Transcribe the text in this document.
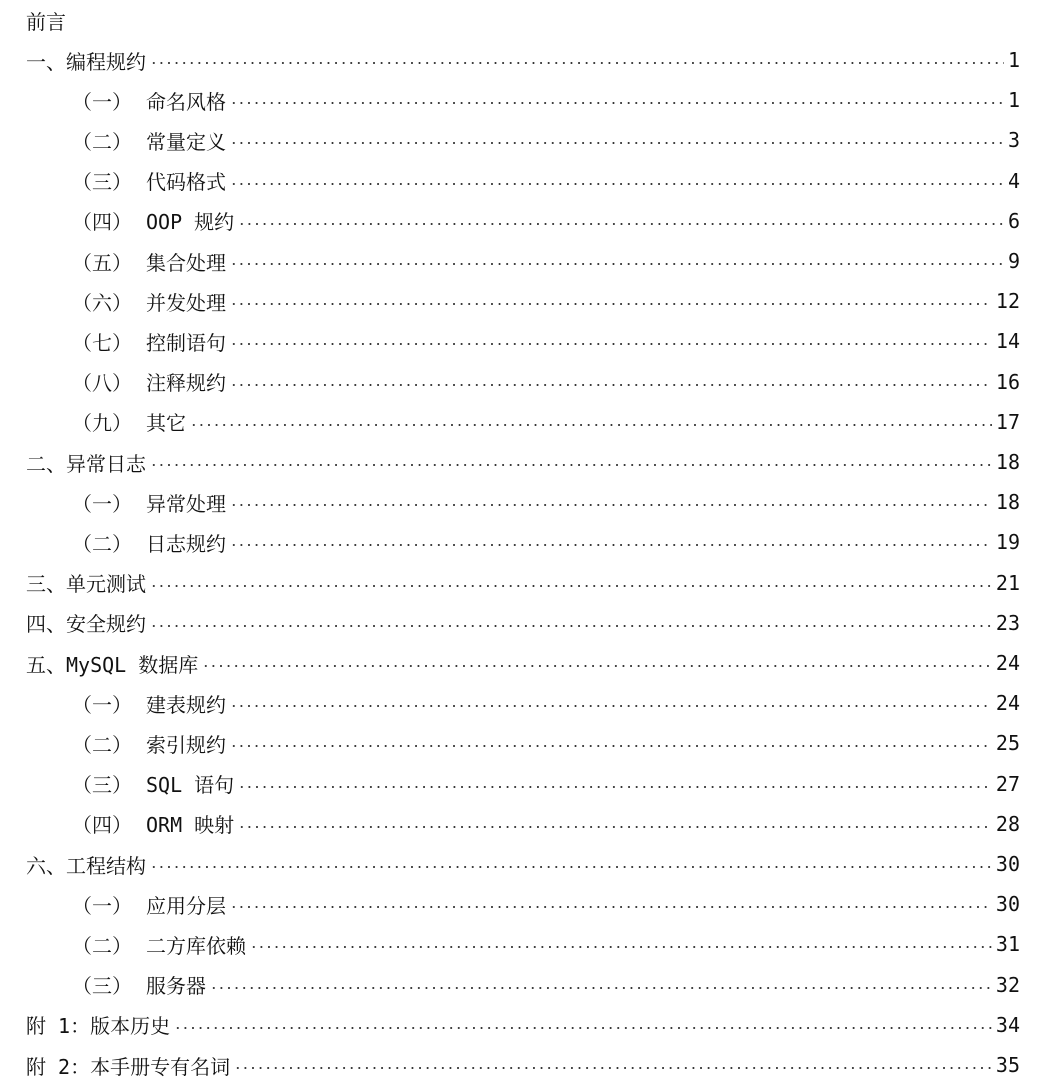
前言
一、 编程规约	1
（一） 命名风格	1
（二） 常量定义	3
（三） 代码格式	4
（四） OOP 规约	6
（五） 集合处理	9
（六） 并发处理	12
（七） 控制语句	14
（八） 注释规约	16
（九） 其它	17
二、 异常日志	18
（一） 异常处理	18
（二） 日志规约	19
三、 单元测试	21
四、 安全规约	23
五、 MySQL 数据库	24
（一） 建表规约	24
（二） 索引规约	25
（三） SQL 语句	27
（四） ORM 映射	28
六、 工程结构	30
（一） 应用分层	30
（二） 二方库依赖	31
（三） 服务器	32
附 1： 版本历史	34
附 2： 本手册专有名词	35
